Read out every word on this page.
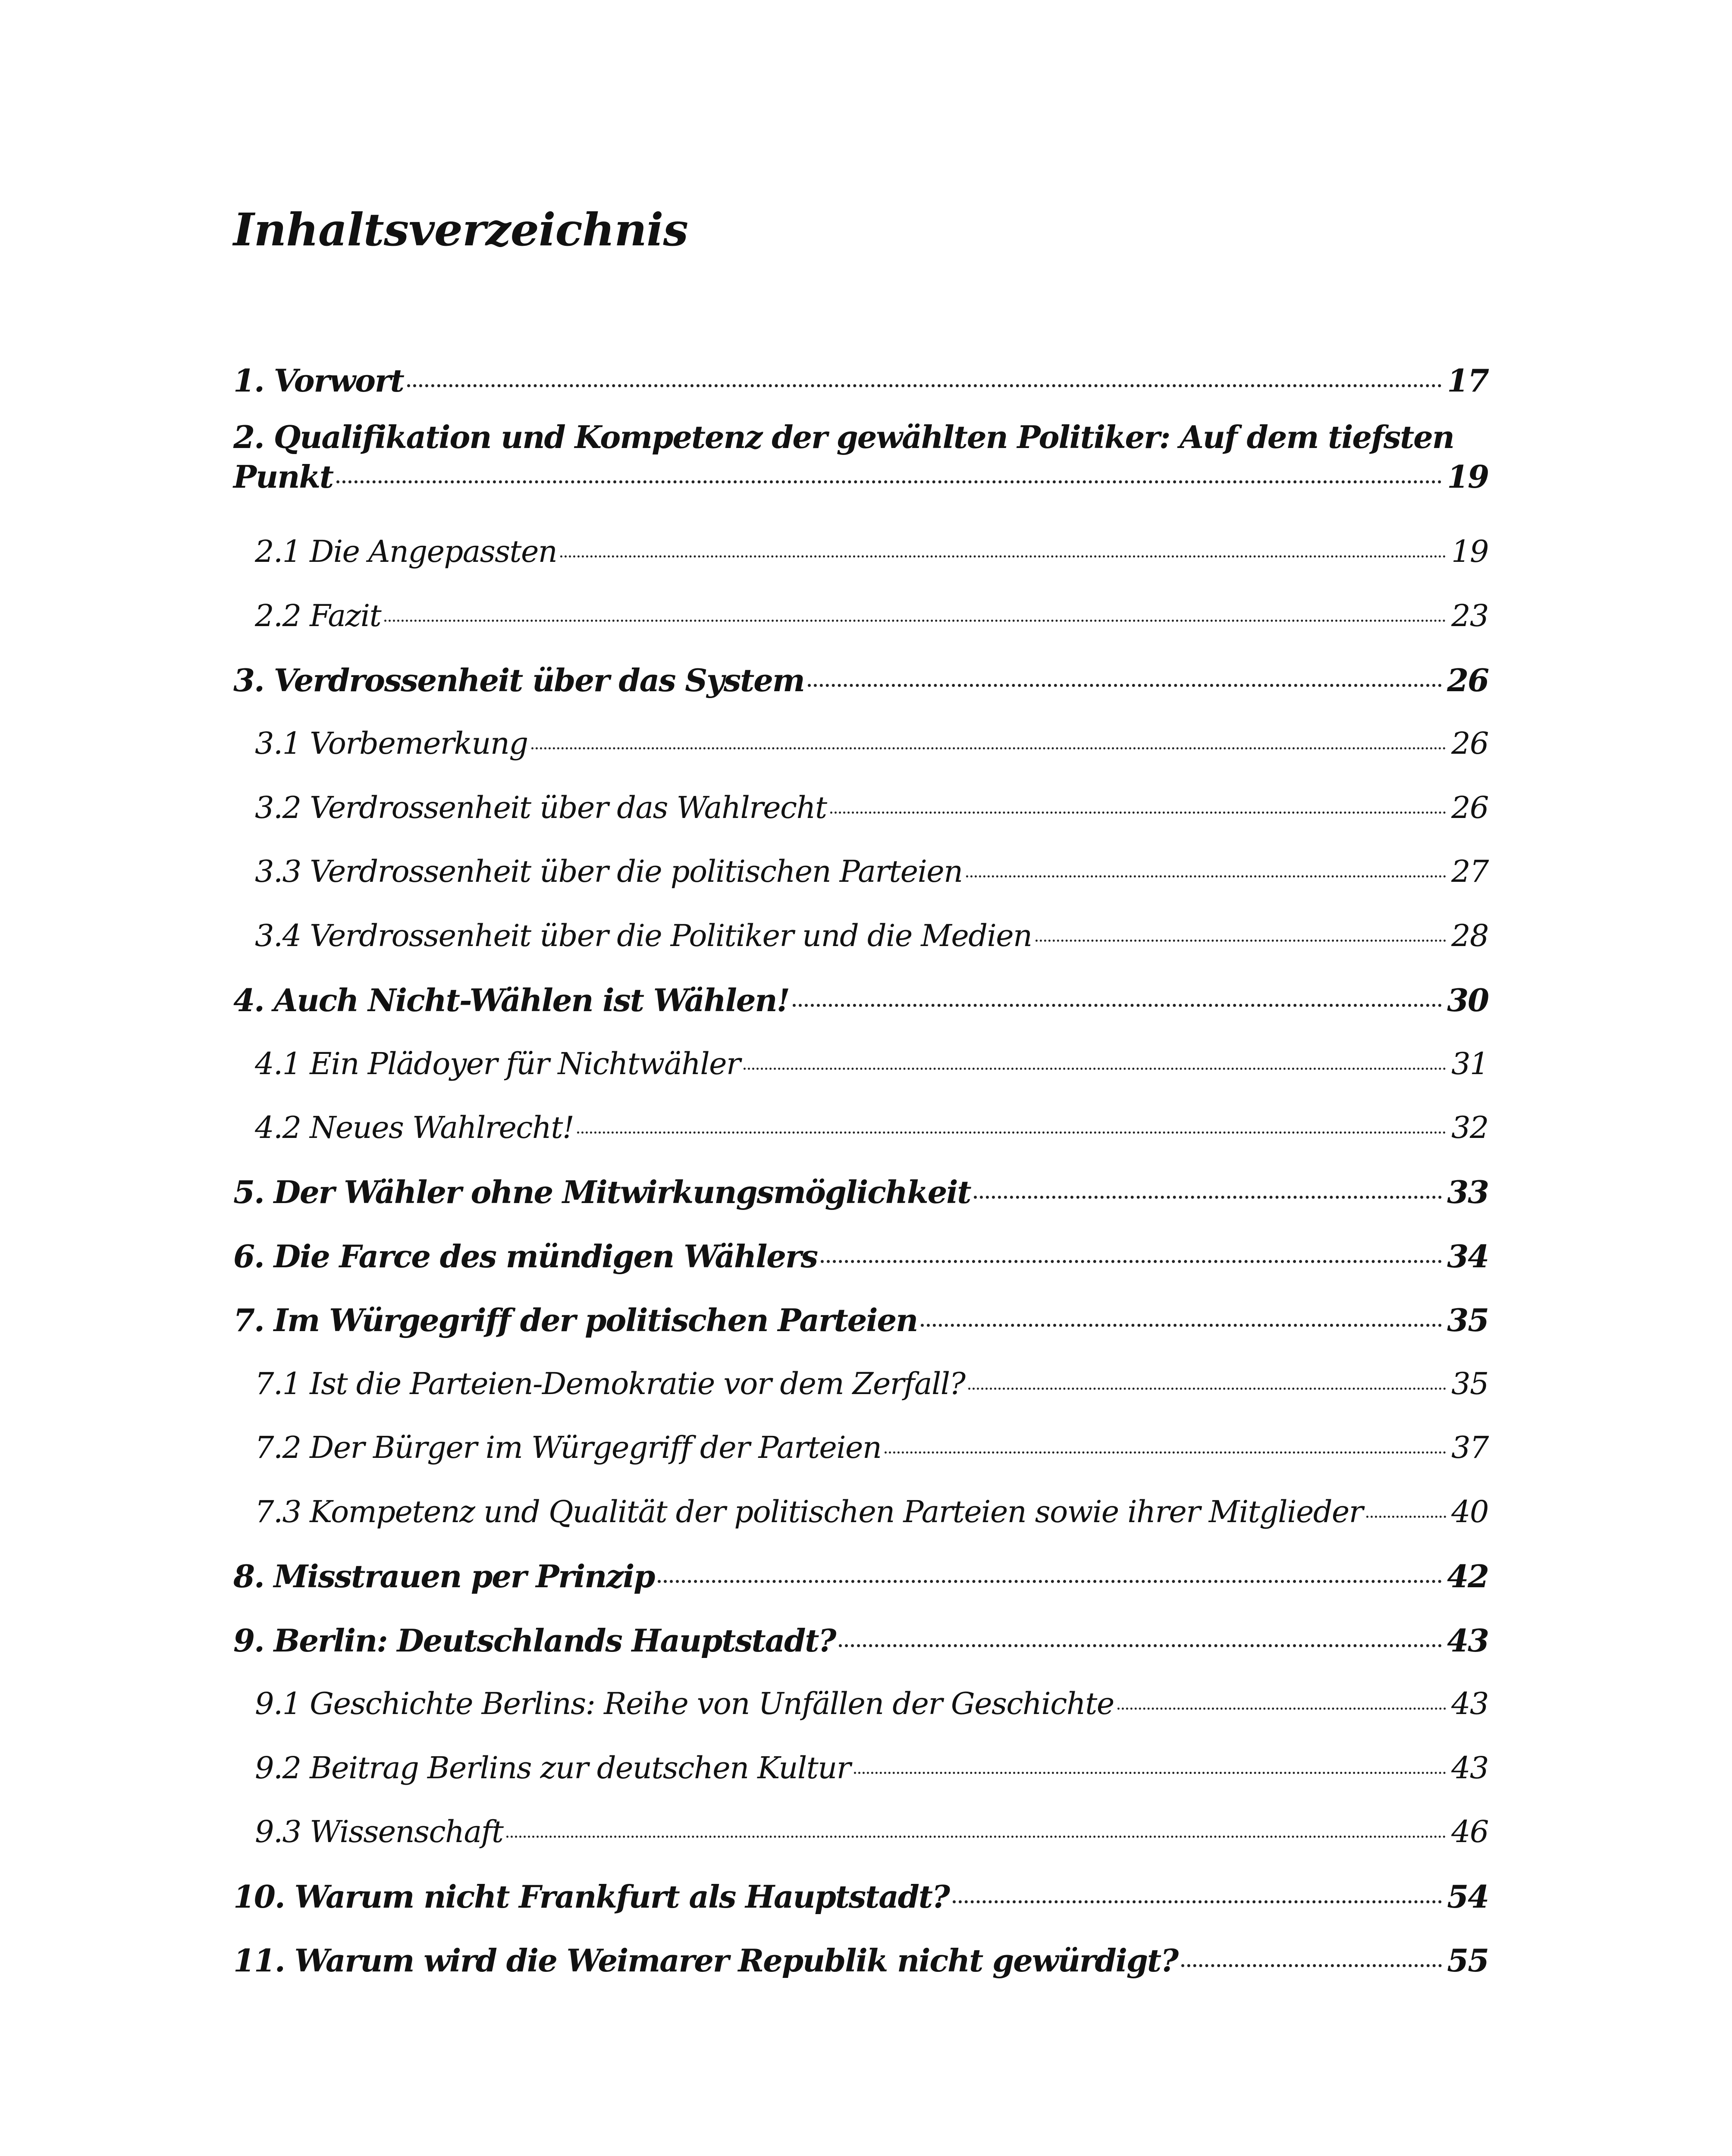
Inhaltsverzeichnis
1. Vorwort	17
2. Qualifikation und Kompetenz der gewählten Politiker: Auf dem tiefsten
Punkt	19
2.1 Die Angepassten	19
2.2 Fazit	23
3. Verdrossenheit über das System	26
3.1 Vorbemerkung	26
3.2 Verdrossenheit über das Wahlrecht	26
3.3 Verdrossenheit über die politischen Parteien	27
3.4 Verdrossenheit über die Politiker und die Medien	28
4. Auch Nicht-Wählen ist Wählen!	30
4.1 Ein Plädoyer für Nichtwähler	31
4.2 Neues Wahlrecht!	32
5. Der Wähler ohne Mitwirkungsmöglichkeit	33
6. Die Farce des mündigen Wählers	34
7. Im Würgegriff der politischen Parteien	35
7.1 Ist die Parteien-Demokratie vor dem Zerfall?	35
7.2 Der Bürger im Würgegriff der Parteien	37
7.3 Kompetenz und Qualität der politischen Parteien sowie ihrer Mitglieder	40
8. Misstrauen per Prinzip	42
9. Berlin: Deutschlands Hauptstadt?	43
9.1 Geschichte Berlins: Reihe von Unfällen der Geschichte	43
9.2 Beitrag Berlins zur deutschen Kultur	43
9.3 Wissenschaft	46
10. Warum nicht Frankfurt als Hauptstadt?	54
11. Warum wird die Weimarer Republik nicht gewürdigt?	55
